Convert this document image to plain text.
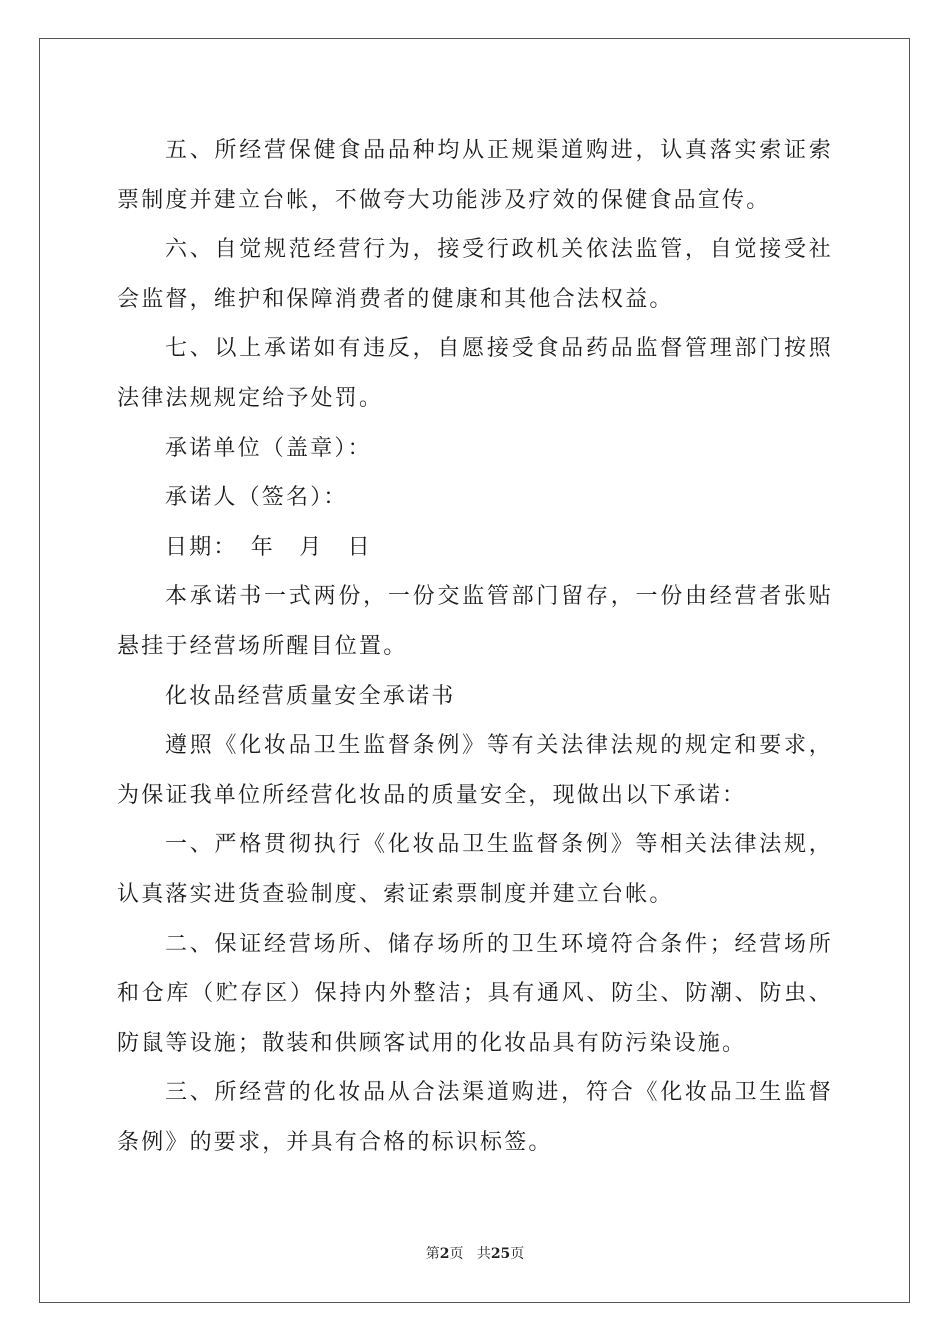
五、所经营保健食品品种均从正规渠道购进，认真落实索证索票制度并建立台帐，不做夸大功能涉及疗效的保健食品宣传。

六、自觉规范经营行为，接受行政机关依法监管，自觉接受社会监督，维护和保障消费者的健康和其他合法权益。

七、以上承诺如有违反，自愿接受食品药品监督管理部门按照法律法规规定给予处罚。

承诺单位（盖章）：

承诺人（签名）：

日期：　年　月　日

本承诺书一式两份，一份交监管部门留存，一份由经营者张贴悬挂于经营场所醒目位置。

化妆品经营质量安全承诺书

遵照《化妆品卫生监督条例》等有关法律法规的规定和要求，为保证我单位所经营化妆品的质量安全，现做出以下承诺：

一、严格贯彻执行《化妆品卫生监督条例》等相关法律法规，认真落实进货查验制度、索证索票制度并建立台帐。

二、保证经营场所、储存场所的卫生环境符合条件；经营场所和仓库（贮存区）保持内外整洁；具有通风、防尘、防潮、防虫、防鼠等设施；散装和供顾客试用的化妆品具有防污染设施。

三、所经营的化妆品从合法渠道购进，符合《化妆品卫生监督条例》的要求，并具有合格的标识标签。

第2页 共25页
